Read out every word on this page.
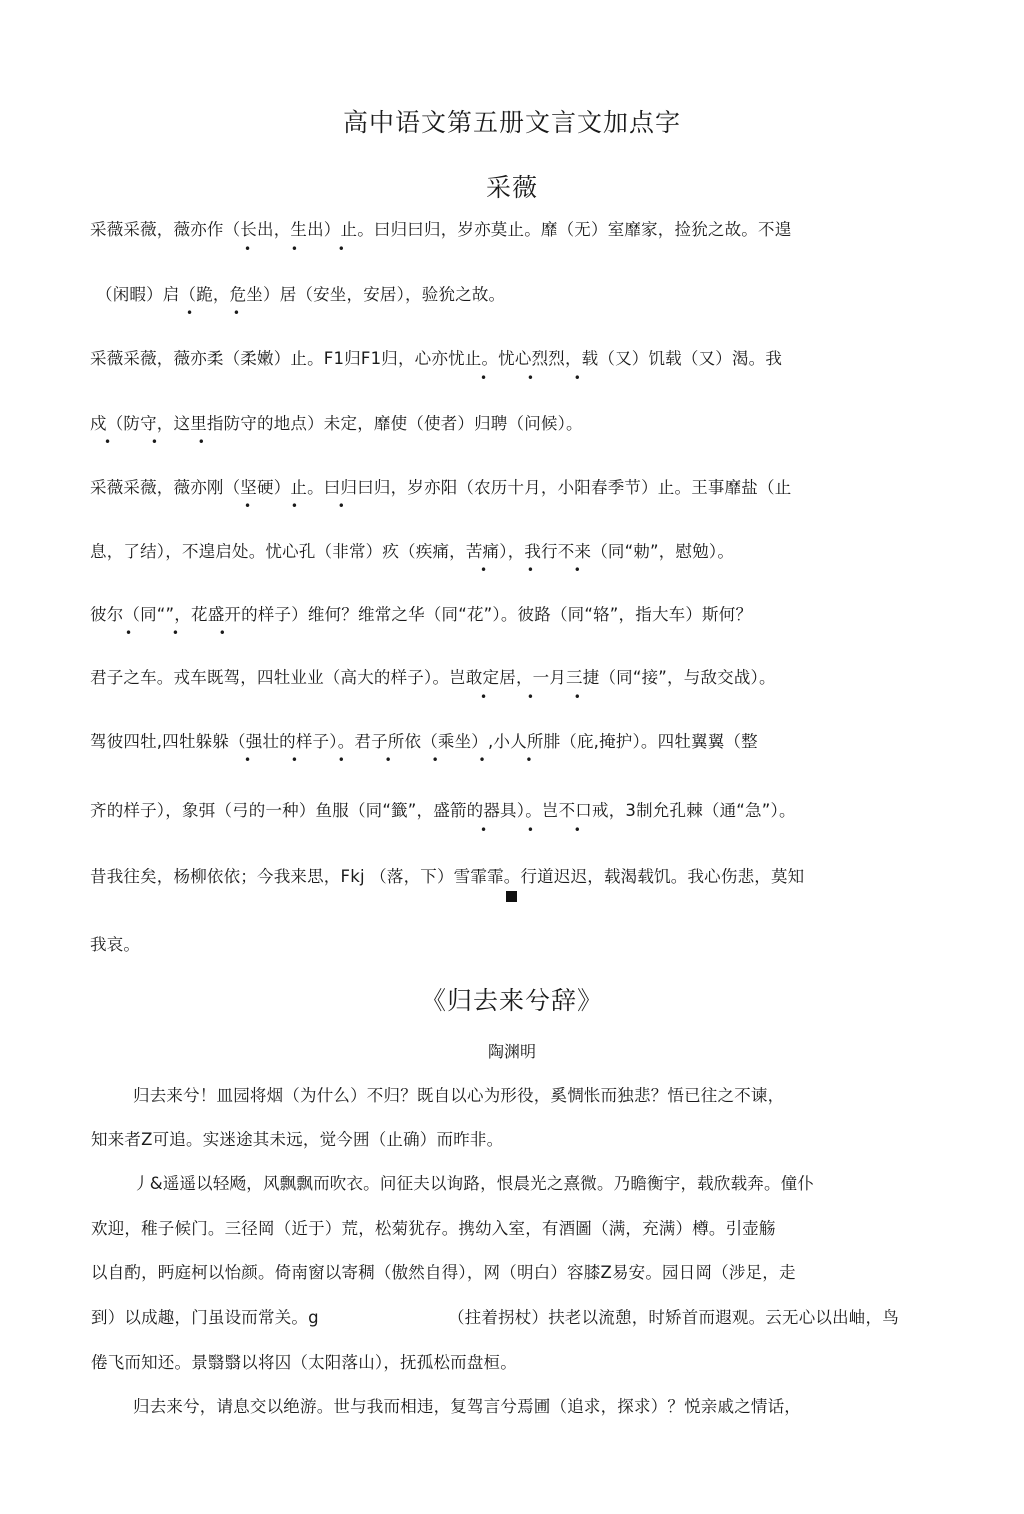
高中语文第五册文言文加点字
采薇
采薇采薇，薇亦作（长出，生出）止。曰归曰归，岁亦莫止。靡（无）室靡家，捡狁之故。不遑
• • •
（闲暇）启（跪，危坐）居（安坐，安居），验狁之故。
• •
采薇采薇，薇亦柔（柔嫩）止。F1归F1归，心亦忧止。忧心烈烈，载（又）饥载（又）渴。我
• • •
戍（防守，这里指防守的地点）未定，靡使（使者）归聘（问候）。
• • •
采薇采薇，薇亦刚（坚硬）止。曰归曰归，岁亦阳（农历十月，小阳春季节）止。王事靡盐（止
• • •
息，了结），不遑启处。忧心孔（非常）疚（疾痛，苦痛），我行不来（同“勅”，慰勉）。
• • •
彼尔（同“”，花盛开的样子）维何？维常之华（同“花”）。彼路（同“辂”，指大车）斯何？
• • •
君子之车。戎车既驾，四牡业业（高大的样子）。岂敢定居，一月三捷（同“接”，与敌交战）。
• • •
驾彼四牡,四牡躲躲（强壮的样子）。君子所依（乘坐）,小人所腓（庇,掩护）。四牡翼翼（整
• • • • • • •
齐的样子），象弭（弓的一种）鱼服（同“籤”，盛箭的器具）。岂不口戒，3制允孔棘（通“急”）。
• • •
昔我往矣，杨柳依依；今我来思，Fkj （落，下）雪霏霏。行道迟迟，载渴载饥。我心伤悲，莫知
我哀。
《归去来兮辞》
陶渊明
归去来兮！皿园将烟（为什么）不归？既自以心为形役，奚惆怅而独悲？悟已往之不谏，
知来者Z可追。实迷途其未远，觉今囲（止确）而昨非。
丿&遥遥以轻飏，风飘飘而吹衣。问征夫以询路，恨晨光之熹微。乃瞻衡宇，载欣载奔。僮仆
欢迎，稚子候门。三径岡（近于）荒，松菊犹存。携幼入室，有酒圖（满，充满）樽。引壶觞
以自酌，眄庭柯以怡颜。倚南窗以寄稠（傲然自得），网（明白）容膝Z易安。园日岡（涉足，走
到）以成趣，门虽设而常关。g	（拄着拐杖）扶老以流憩，时矫首而遐观。云无心以出岫，鸟
倦飞而知还。景翳翳以将囚（太阳落山），抚孤松而盘桓。
归去来兮，请息交以绝游。世与我而相违，复驾言兮焉圃（追求，探求）？悦亲戚之情话，
